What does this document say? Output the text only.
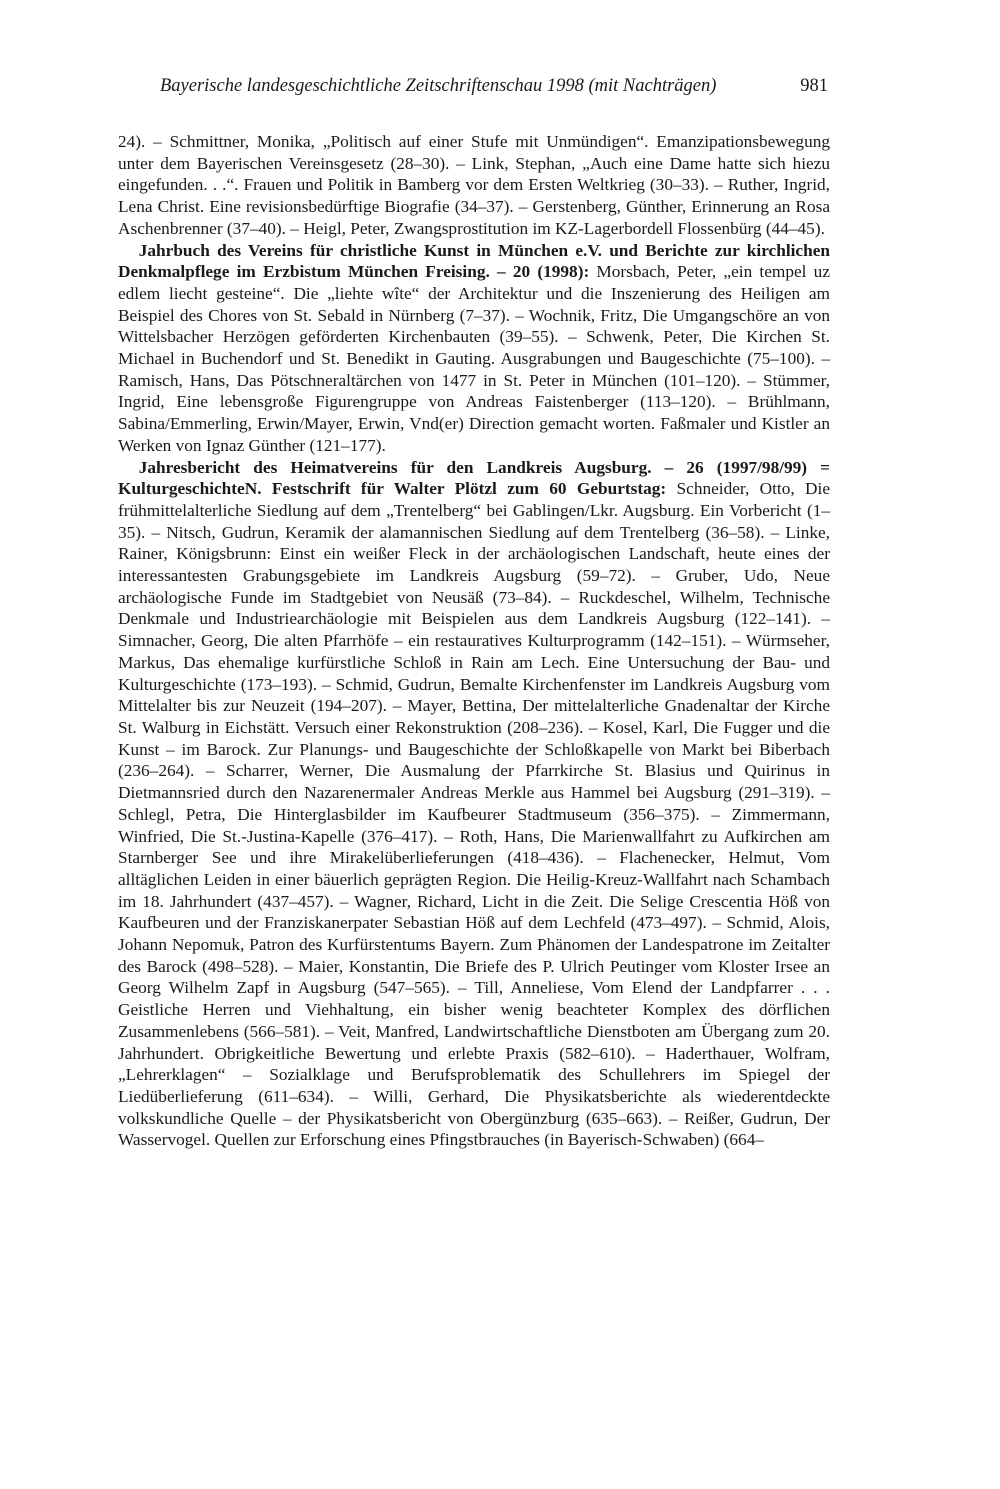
Bayerische landesgeschichtliche Zeitschriftenschau 1998 (mit Nachträgen)	981

24). – Schmittner, Monika, „Politisch auf einer Stufe mit Unmündigen“. Emanzipationsbewegung unter dem Bayerischen Vereinsgesetz (28–30). – Link, Stephan, „Auch eine Dame hatte sich hiezu eingefunden. . .“. Frauen und Politik in Bamberg vor dem Ersten Weltkrieg (30–33). – Ruther, Ingrid, Lena Christ. Eine revisionsbedürftige Biografie (34–37). – Gerstenberg, Günther, Erinnerung an Rosa Aschenbrenner (37–40). – Heigl, Peter, Zwangsprostitution im KZ-Lagerbordell Flossenbürg (44–45).

Jahrbuch des Vereins für christliche Kunst in München e.V. und Berichte zur kirchlichen Denkmalpflege im Erzbistum München Freising. – 20 (1998): Morsbach, Peter, „ein tempel uz edlem liecht gesteine“. Die „liehte wîte“ der Architektur und die Inszenierung des Heiligen am Beispiel des Chores von St. Sebald in Nürnberg (7–37). – Wochnik, Fritz, Die Umgangschöre an von Wittelsbacher Herzögen geförderten Kirchenbauten (39–55). – Schwenk, Peter, Die Kirchen St. Michael in Buchendorf und St. Benedikt in Gauting. Ausgrabungen und Baugeschichte (75–100). – Ramisch, Hans, Das Pötschneraltärchen von 1477 in St. Peter in München (101–120). – Stümmer, Ingrid, Eine lebensgroße Figurengruppe von Andreas Faistenberger (113–120). – Brühlmann, Sabina/Emmerling, Erwin/Mayer, Erwin, Vnd(er) Direction gemacht worten. Faßmaler und Kistler an Werken von Ignaz Günther (121–177).

Jahresbericht des Heimatvereins für den Landkreis Augsburg. – 26 (1997/98/99) = KulturgeschichteN. Festschrift für Walter Plötzl zum 60 Geburtstag: Schneider, Otto, Die frühmittelalterliche Siedlung auf dem „Trentelberg“ bei Gablingen/Lkr. Augsburg. Ein Vorbericht (1–35). – Nitsch, Gudrun, Keramik der alamannischen Siedlung auf dem Trentelberg (36–58). – Linke, Rainer, Königsbrunn: Einst ein weißer Fleck in der archäologischen Landschaft, heute eines der interessantesten Grabungsgebiete im Landkreis Augsburg (59–72). – Gruber, Udo, Neue archäologische Funde im Stadtgebiet von Neusäß (73–84). – Ruckdeschel, Wilhelm, Technische Denkmale und Industriearchäologie mit Beispielen aus dem Landkreis Augsburg (122–141). – Simnacher, Georg, Die alten Pfarrhöfe – ein restauratives Kulturprogramm (142–151). – Würmseher, Markus, Das ehemalige kurfürstliche Schloß in Rain am Lech. Eine Untersuchung der Bau- und Kulturgeschichte (173–193). – Schmid, Gudrun, Bemalte Kirchenfenster im Landkreis Augsburg vom Mittelalter bis zur Neuzeit (194–207). – Mayer, Bettina, Der mittelalterliche Gnadenaltar der Kirche St. Walburg in Eichstätt. Versuch einer Rekonstruktion (208–236). – Kosel, Karl, Die Fugger und die Kunst – im Barock. Zur Planungs- und Baugeschichte der Schloßkapelle von Markt bei Biberbach (236–264). – Scharrer, Werner, Die Ausmalung der Pfarrkirche St. Blasius und Quirinus in Dietmannsried durch den Nazarenermaler Andreas Merkle aus Hammel bei Augsburg (291–319). –Schlegl, Petra, Die Hinterglasbilder im Kaufbeurer Stadtmuseum (356–375). – Zimmermann, Winfried, Die St.-Justina-Kapelle (376–417). – Roth, Hans, Die Marienwallfahrt zu Aufkirchen am Starnberger See und ihre Mirakelüberlieferungen (418–436). – Flachenecker, Helmut, Vom alltäglichen Leiden in einer bäuerlich geprägten Region. Die Heilig-Kreuz-Wallfahrt nach Schambach im 18. Jahrhundert (437–457). – Wagner, Richard, Licht in die Zeit. Die Selige Crescentia Höß von Kaufbeuren und der Franziskanerpater Sebastian Höß auf dem Lechfeld (473–497). – Schmid, Alois, Johann Nepomuk, Patron des Kurfürstentums Bayern. Zum Phänomen der Landespatrone im Zeitalter des Barock (498–528). – Maier, Konstantin, Die Briefe des P. Ulrich Peutinger vom Kloster Irsee an Georg Wilhelm Zapf in Augsburg (547–565). – Till, Anneliese, Vom Elend der Landpfarrer . . . Geistliche Herren und Viehhaltung, ein bisher wenig beachteter Komplex des dörflichen Zusammenlebens (566–581). – Veit, Manfred, Landwirtschaftliche Dienstboten am Übergang zum 20. Jahrhundert. Obrigkeitliche Bewertung und erlebte Praxis (582–610). – Haderthauer, Wolfram, „Lehrerklagen“ – Sozialklage und Berufsproblematik des Schullehrers im Spiegel der Liedüberlieferung (611–634). – Willi, Gerhard, Die Physikatsberichte als wiederentdeckte volkskundliche Quelle – der Physikatsbericht von Obergünzburg (635–663). – Reißer, Gudrun, Der Wasservogel. Quellen zur Erforschung eines Pfingstbrauches (in Bayerisch-Schwaben) (664–
